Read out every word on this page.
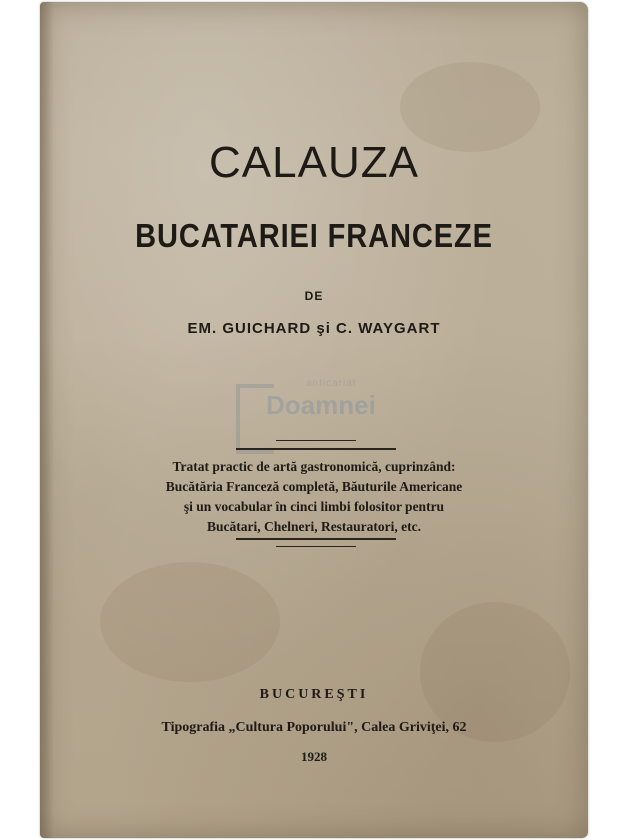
CALAUZA
BUCATARIEI FRANCEZE
DE
EM. GUICHARD şi C. WAYGART
anticariat
Doamnei
Tratat practic de artă gastronomică, cuprinzând:
Bucătăria Franceză completă, Băuturile Americane
şi un vocabular în cinci limbi folositor pentru
Bucătari, Chelneri, Restauratori, etc.
BUCUREŞTI
Tipografia „Cultura Poporului", Calea Griviţei, 62
1928
